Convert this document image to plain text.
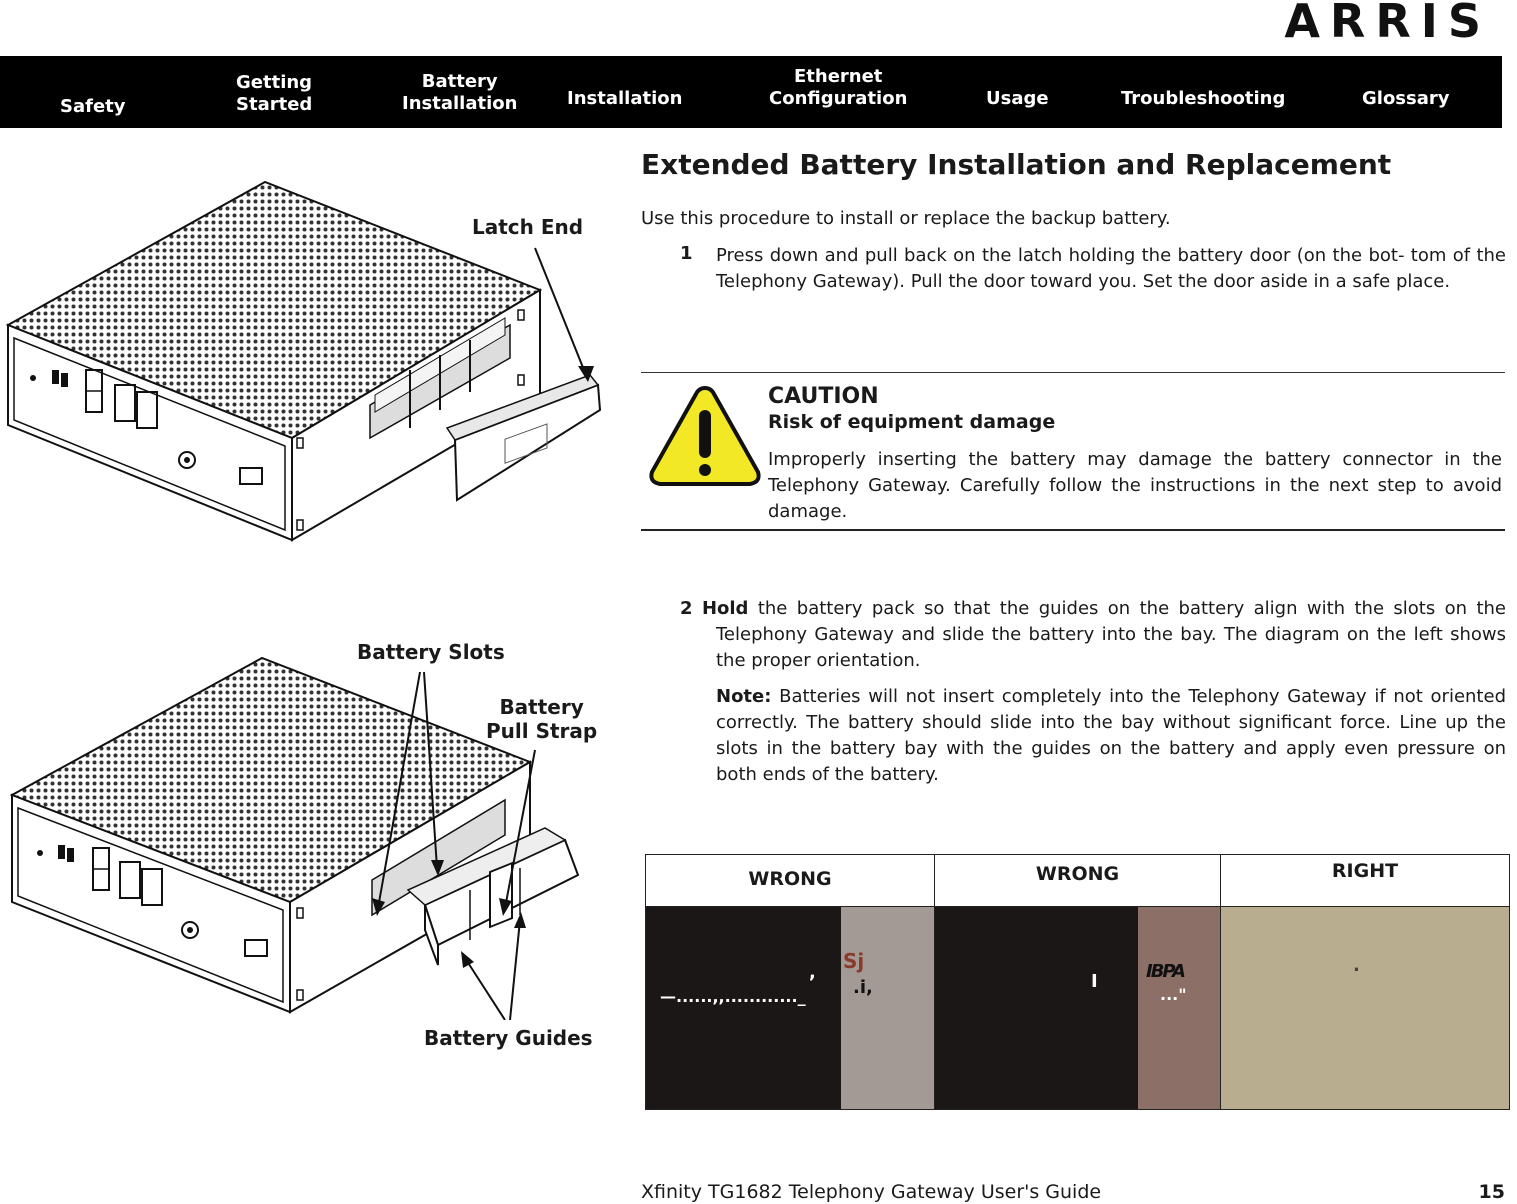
ARRIS
Safety
Getting
Started
Battery
Installation	Installation
Ethernet
Configuration	Usage	Troubleshooting	Glossary
Latch End
Battery Slots
Battery
Pull Strap
Battery Guides
Extended Battery Installation and Replacement
Use this procedure to install or replace the backup battery.
1 Press down and pull back on the latch holding the battery door (on the bot- tom of the Telephony Gateway). Pull the door toward you. Set the door aside in a safe place.
CAUTION
Risk of equipment damage
Improperly inserting the battery may damage the battery connector in the Telephony Gateway. Carefully follow the instructions in the next step to avoid damage.
2 Hold the battery pack so that the guides on the battery align with the slots on the Telephony Gateway and slide the battery into the bay. The diagram on the left shows the proper orientation.
Note: Batteries will not insert completely into the Telephony Gateway if not oriented correctly. The battery should slide into the bay without significant force. Line up the slots in the battery bay with the guides on the battery and apply even pressure on both ends of the battery.
WRONG	WRONG	RIGHT
,
—......,,............_
Sj
.i,	I	IBPA
..."
.
Xfinity TG1682 Telephony Gateway User's Guide	15
